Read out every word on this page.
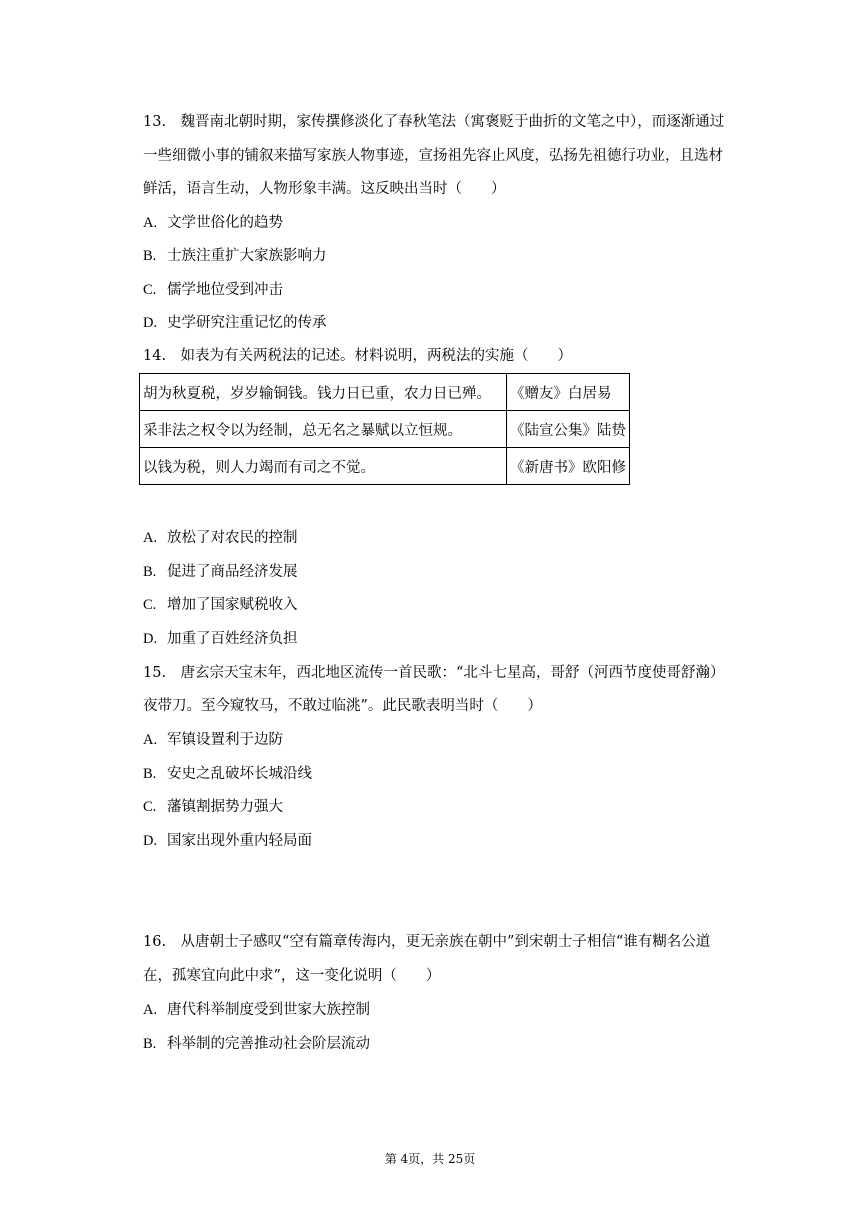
13.　魏晋南北朝时期，家传撰修淡化了春秋笔法（寓褒贬于曲折的文笔之中），而逐渐通过
一些细微小事的铺叙来描写家族人物事迹，宣扬祖先容止风度，弘扬先祖德行功业，且选材
鲜活，语言生动，人物形象丰满。这反映出当时（　　）
A. 文学世俗化的趋势
B. 士族注重扩大家族影响力
C. 儒学地位受到冲击
D. 史学研究注重记忆的传承
14.　如表为有关两税法的记述。材料说明，两税法的实施（　　）
胡为秋夏税，岁岁输铜钱。钱力日已重，农力日已殚。	《赠友》白居易
采非法之权令以为经制，总无名之暴赋以立恒规。	《陆宣公集》陆贽
以钱为税，则人力竭而有司之不觉。	《新唐书》欧阳修
A. 放松了对农民的控制
B. 促进了商品经济发展
C. 增加了国家赋税收入
D. 加重了百姓经济负担
15.　唐玄宗天宝末年，西北地区流传一首民歌：“北斗七星高，哥舒（河西节度使哥舒瀚）
夜带刀。至今窥牧马，不敢过临洮”。此民歌表明当时（　　）
A. 军镇设置利于边防
B. 安史之乱破坏长城沿线
C. 藩镇割据势力强大
D. 国家出现外重内轻局面
16.　从唐朝士子感叹“空有篇章传海内，更无亲族在朝中”到宋朝士子相信“谁有糊名公道
在，孤寒宜向此中求”，这一变化说明（　　）
A. 唐代科举制度受到世家大族控制
B. 科举制的完善推动社会阶层流动
第 4页，共 25页
